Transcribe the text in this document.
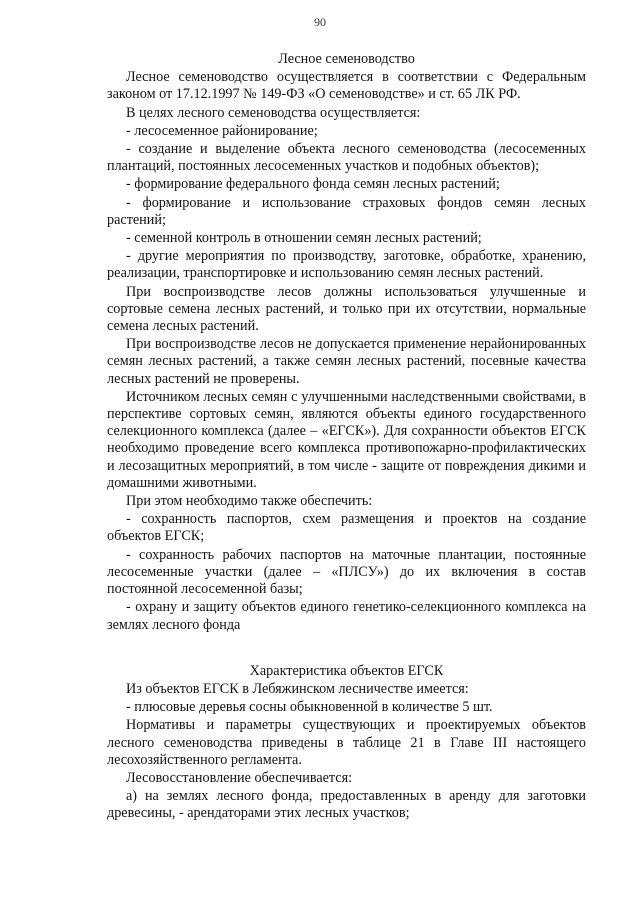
90
Лесное семеноводство
Лесное семеноводство осуществляется в соответствии с Федеральным законом от 17.12.1997 № 149-ФЗ «О семеноводстве» и ст. 65 ЛК РФ.
В целях лесного семеноводства осуществляется:
- лесосеменное районирование;
- создание и выделение объекта лесного семеноводства (лесосеменных плантаций, постоянных лесосеменных участков и подобных объектов);
- формирование федерального фонда семян лесных растений;
- формирование и использование страховых фондов семян лесных растений;
- семенной контроль в отношении семян лесных растений;
- другие мероприятия по производству, заготовке, обработке, хранению, реализации, транспортировке и использованию семян лесных растений.
При воспроизводстве лесов должны использоваться улучшенные и сортовые семена лесных растений, и только при их отсутствии, нормальные семена лесных растений.
При воспроизводстве лесов не допускается применение нерайонированных семян лесных растений, а также семян лесных растений, посевные качества лесных растений не проверены.
Источником лесных семян с улучшенными наследственными свойствами, в перспективе сортовых семян, являются объекты единого государственного селекционного комплекса (далее – «ЕГСК»). Для сохранности объектов ЕГСК необходимо проведение всего комплекса противопожарно-профилактических и лесозащитных мероприятий, в том числе - защите от повреждения дикими и домашними животными.
При этом необходимо также обеспечить:
- сохранность паспортов, схем размещения и проектов на создание объектов ЕГСК;
- сохранность рабочих паспортов на маточные плантации, постоянные лесосеменные участки (далее – «ПЛСУ») до их включения в состав постоянной лесосеменной базы;
- охрану и защиту объектов единого генетико-селекционного комплекса на землях лесного фонда
Характеристика объектов ЕГСК
Из объектов ЕГСК в Лебяжинском лесничестве имеется:
- плюсовые деревья сосны обыкновенной в количестве 5 шт.
Нормативы и параметры существующих и проектируемых объектов лесного семеноводства приведены в таблице 21 в Главе III настоящего лесохозяйственного регламента.
Лесовосстановление обеспечивается:
а) на землях лесного фонда, предоставленных в аренду для заготовки древесины, - арендаторами этих лесных участков;
